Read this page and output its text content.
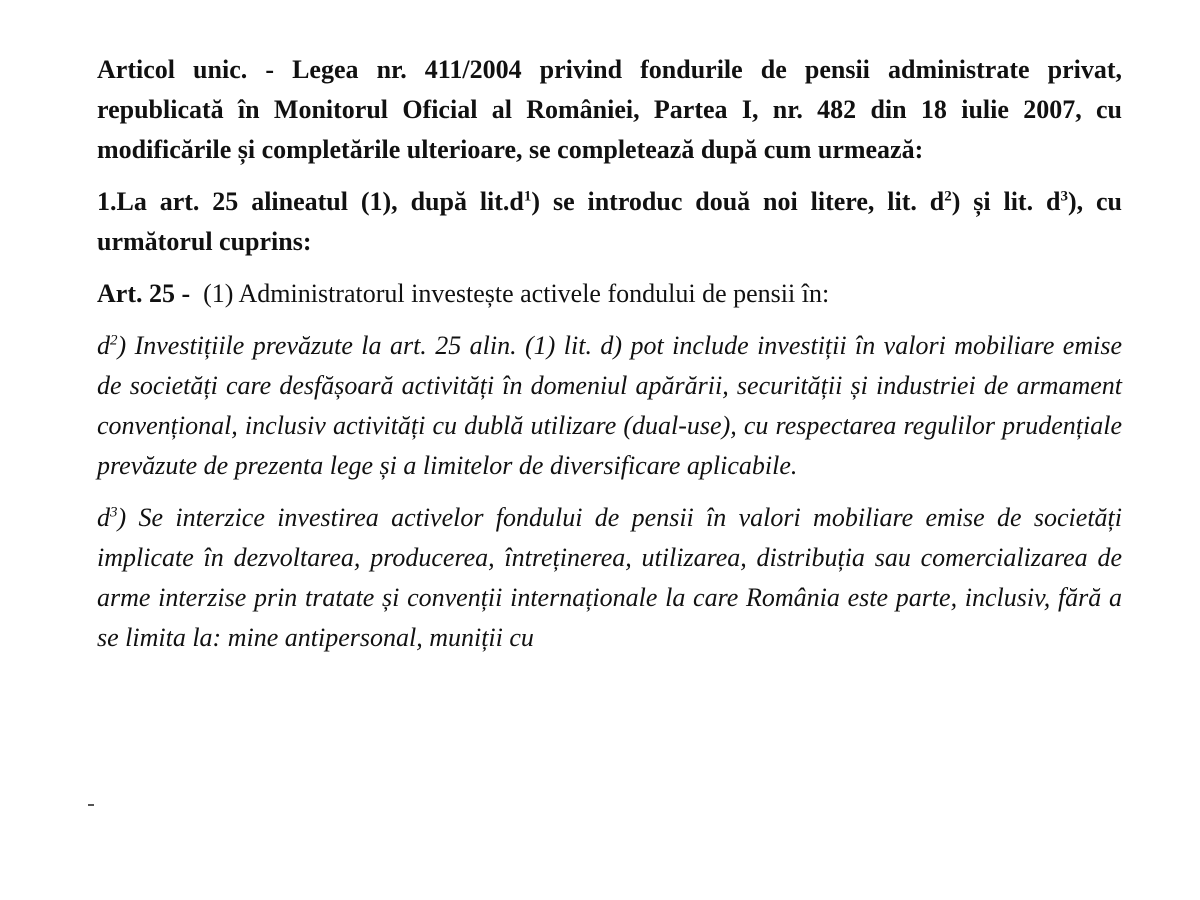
Articol unic. - Legea nr. 411/2004 privind fondurile de pensii administrate privat, republicată în Monitorul Oficial al României, Partea I, nr. 482 din 18 iulie 2007, cu modificările și completările ulterioare, se completează după cum urmează:

1.La art. 25 alineatul (1), după $lit.d^1$) se introduc două noi litere, lit. $d^2$) și lit. $d^3$), cu următorul cuprins:

Art. 25 - (1) Administratorul investește activele fondului de pensii în:

$d^2$) Investițiile prevăzute la art. 25 alin. (1) lit. d) pot include investiții în valori mobiliare emise de societăți care desfășoară activități în domeniul apărării, securității și industriei de armament convențional, inclusiv activități cu dublă utilizare (dual-use), cu respectarea regulilor prudențiale prevăzute de prezenta lege și a limitelor de diversificare aplicabile.

$d^3$) Se interzice investirea activelor fondului de pensii în valori mobiliare emise de societăți implicate în dezvoltarea, producerea, întreținerea, utilizarea, distribuția sau comercializarea de arme interzise prin tratate și convenții internaționale la care România este parte, inclusiv, fără a se limita la: mine antipersonal, muniții cu
